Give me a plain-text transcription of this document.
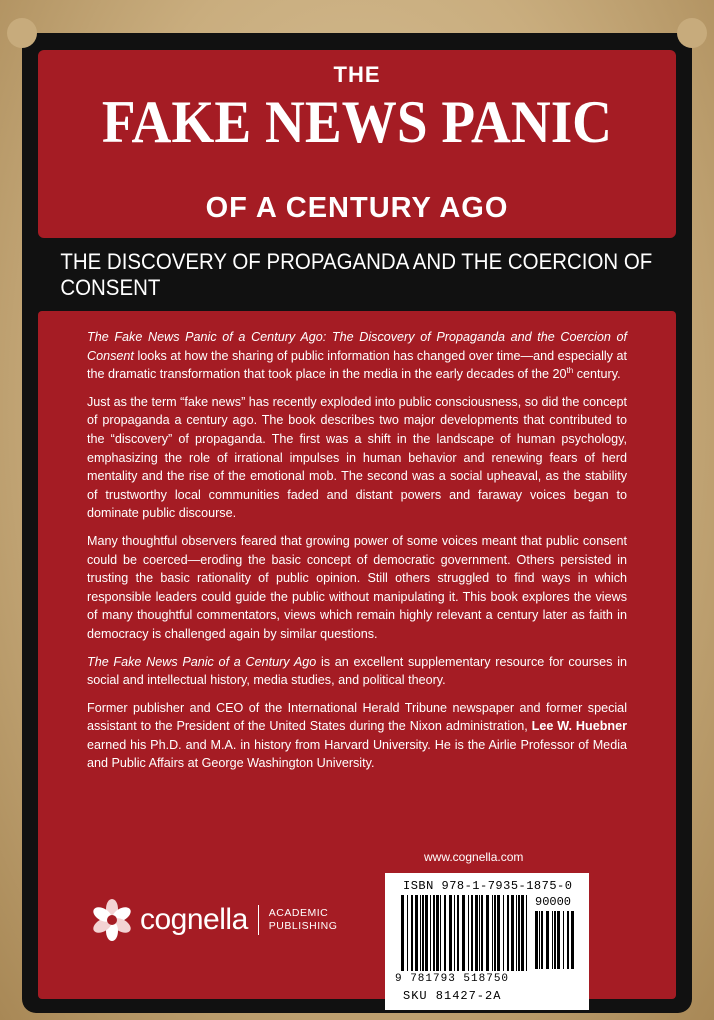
THE
FAKE NEWS PANIC
OF A CENTURY AGO
THE DISCOVERY OF PROPAGANDA AND THE COERCION OF CONSENT

The Fake News Panic of a Century Ago: The Discovery of Propaganda and the Coercion of Consent looks at how the sharing of public information has changed over time—and especially at the dramatic transformation that took place in the media in the early decades of the 20th century.

Just as the term “fake news” has recently exploded into public consciousness, so did the concept of propaganda a century ago. The book describes two major developments that contributed to the “discovery” of propaganda. The first was a shift in the landscape of human psychology, emphasizing the role of irrational impulses in human behavior and renewing fears of herd mentality and the rise of the emotional mob. The second was a social upheaval, as the stability of trustworthy local communities faded and distant powers and faraway voices began to dominate public discourse.

Many thoughtful observers feared that growing power of some voices meant that public consent could be coerced—eroding the basic concept of democratic government. Others persisted in trusting the basic rationality of public opinion. Still others struggled to find ways in which responsible leaders could guide the public without manipulating it. This book explores the views of many thoughtful commentators, views which remain highly relevant a century later as faith in democracy is challenged again by similar questions.

The Fake News Panic of a Century Ago is an excellent supplementary resource for courses in social and intellectual history, media studies, and political theory.

Former publisher and CEO of the International Herald Tribune newspaper and former special assistant to the President of the United States during the Nixon administration, Lee W. Huebner earned his Ph.D. and M.A. in history from Harvard University. He is the Airlie Professor of Media and Public Affairs at George Washington University.

www.cognella.com
cognella ACADEMIC
PUBLISHING
ISBN 978-1-7935-1875-0
90000
9 781793 518750
SKU 81427-2A
